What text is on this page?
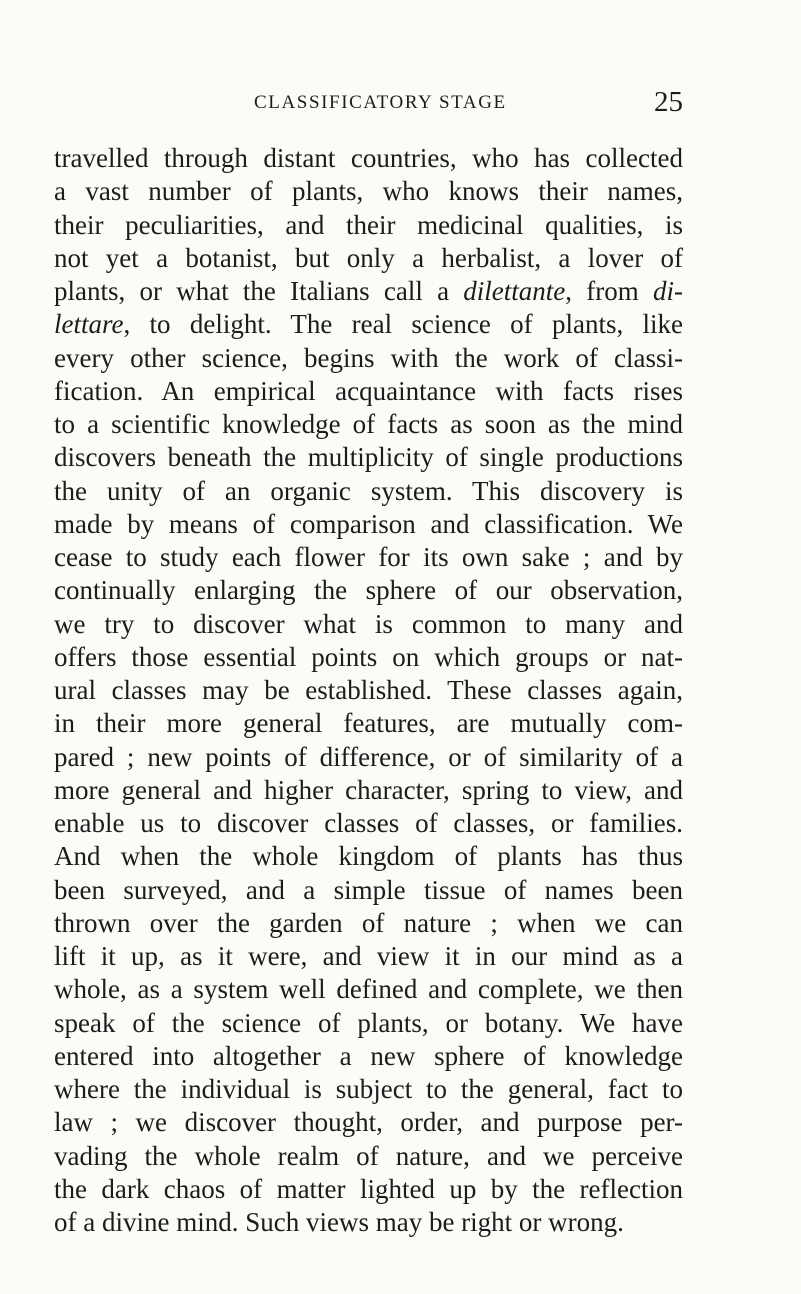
CLASSIFICATORY STAGE	25
travelled through distant countries, who has collected
a vast number of plants, who knows their names,
their peculiarities, and their medicinal qualities, is
not yet a botanist, but only a herbalist, a lover of
plants, or what the Italians call a dilettante, from di-
lettare, to delight. The real science of plants, like
every other science, begins with the work of classi-
fication. An empirical acquaintance with facts rises
to a scientific knowledge of facts as soon as the mind
discovers beneath the multiplicity of single productions
the unity of an organic system. This discovery is
made by means of comparison and classification. We
cease to study each flower for its own sake ; and by
continually enlarging the sphere of our observation,
we try to discover what is common to many and
offers those essential points on which groups or nat-
ural classes may be established. These classes again,
in their more general features, are mutually com-
pared ; new points of difference, or of similarity of a
more general and higher character, spring to view, and
enable us to discover classes of classes, or families.
And when the whole kingdom of plants has thus
been surveyed, and a simple tissue of names been
thrown over the garden of nature ; when we can
lift it up, as it were, and view it in our mind as a
whole, as a system well defined and complete, we then
speak of the science of plants, or botany. We have
entered into altogether a new sphere of knowledge
where the individual is subject to the general, fact to
law ; we discover thought, order, and purpose per-
vading the whole realm of nature, and we perceive
the dark chaos of matter lighted up by the reflection
of a divine mind. Such views may be right or wrong.
